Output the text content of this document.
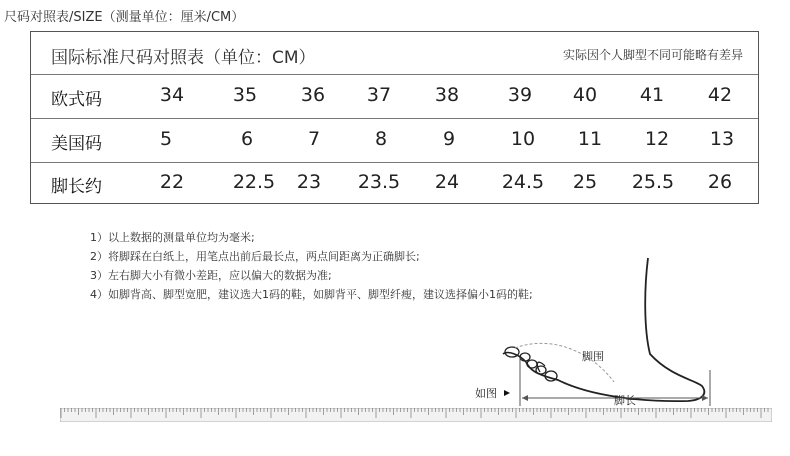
尺码对照表/SIZE（测量单位：厘米/CM）
国际标准尺码对照表（单位：CM）	实际因个人脚型不同可能略有差异
欧式码	34	35	36	37	38	39	40	41	42
美国码	5	6	7	8	9	10	11	12	13
脚长约	22	22.5	23	23.5	24	24.5	25	25.5	26
1）以上数据的测量单位均为毫米;
2）将脚踩在白纸上，用笔点出前后最长点，两点间距离为正确脚长;
3）左右脚大小有微小差距，应以偏大的数据为准;
4）如脚背高、脚型宽肥，建议选大1码的鞋，如脚背平、脚型纤瘦，建议选择偏小1码的鞋;
如图
脚围
脚长
